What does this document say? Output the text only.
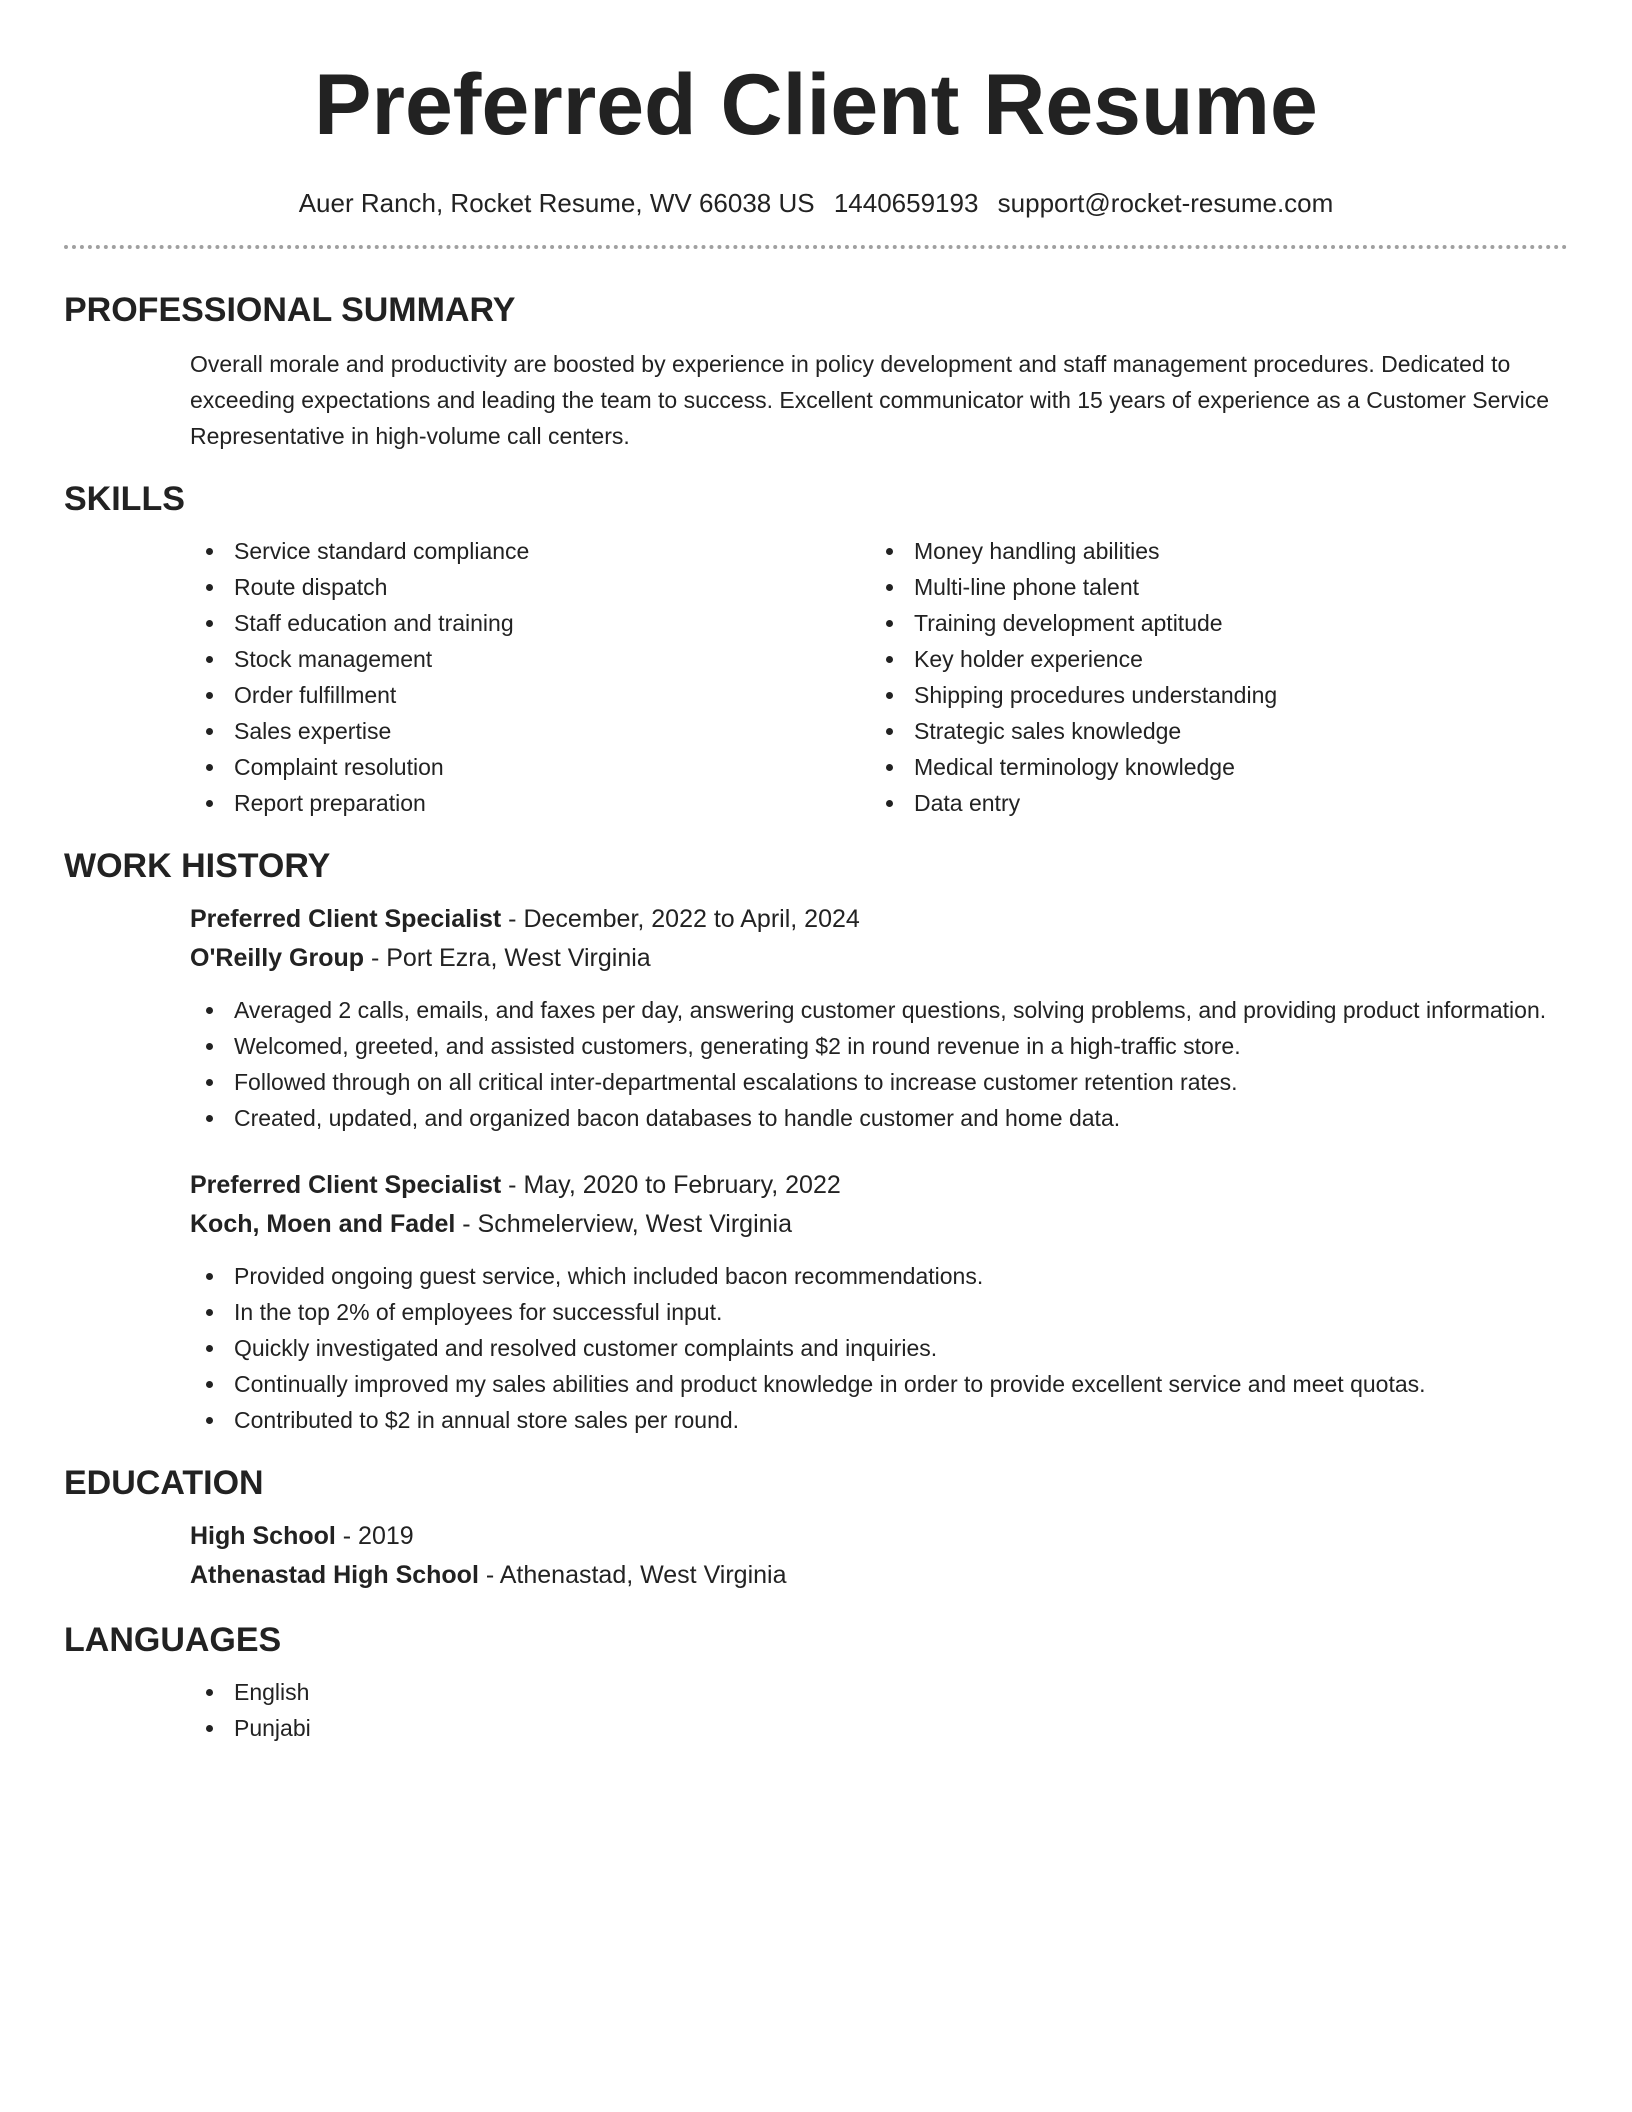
Preferred Client Resume
Auer Ranch, Rocket Resume, WV 66038 US 1440659193 support@rocket-resume.com
PROFESSIONAL SUMMARY
Overall morale and productivity are boosted by experience in policy development and staff management procedures. Dedicated to exceeding expectations and leading the team to success. Excellent communicator with 15 years of experience as a Customer Service Representative in high-volume call centers.
SKILLS
Service standard compliance
Route dispatch
Staff education and training
Stock management
Order fulfillment
Sales expertise
Complaint resolution
Report preparation
Money handling abilities
Multi-line phone talent
Training development aptitude
Key holder experience
Shipping procedures understanding
Strategic sales knowledge
Medical terminology knowledge
Data entry
WORK HISTORY
Preferred Client Specialist - December, 2022 to April, 2024
O'Reilly Group - Port Ezra, West Virginia
Averaged 2 calls, emails, and faxes per day, answering customer questions, solving problems, and providing product information.
Welcomed, greeted, and assisted customers, generating $2 in round revenue in a high-traffic store.
Followed through on all critical inter-departmental escalations to increase customer retention rates.
Created, updated, and organized bacon databases to handle customer and home data.
Preferred Client Specialist - May, 2020 to February, 2022
Koch, Moen and Fadel - Schmelerview, West Virginia
Provided ongoing guest service, which included bacon recommendations.
In the top 2% of employees for successful input.
Quickly investigated and resolved customer complaints and inquiries.
Continually improved my sales abilities and product knowledge in order to provide excellent service and meet quotas.
Contributed to $2 in annual store sales per round.
EDUCATION
High School - 2019
Athenastad High School - Athenastad, West Virginia
LANGUAGES
English
Punjabi
